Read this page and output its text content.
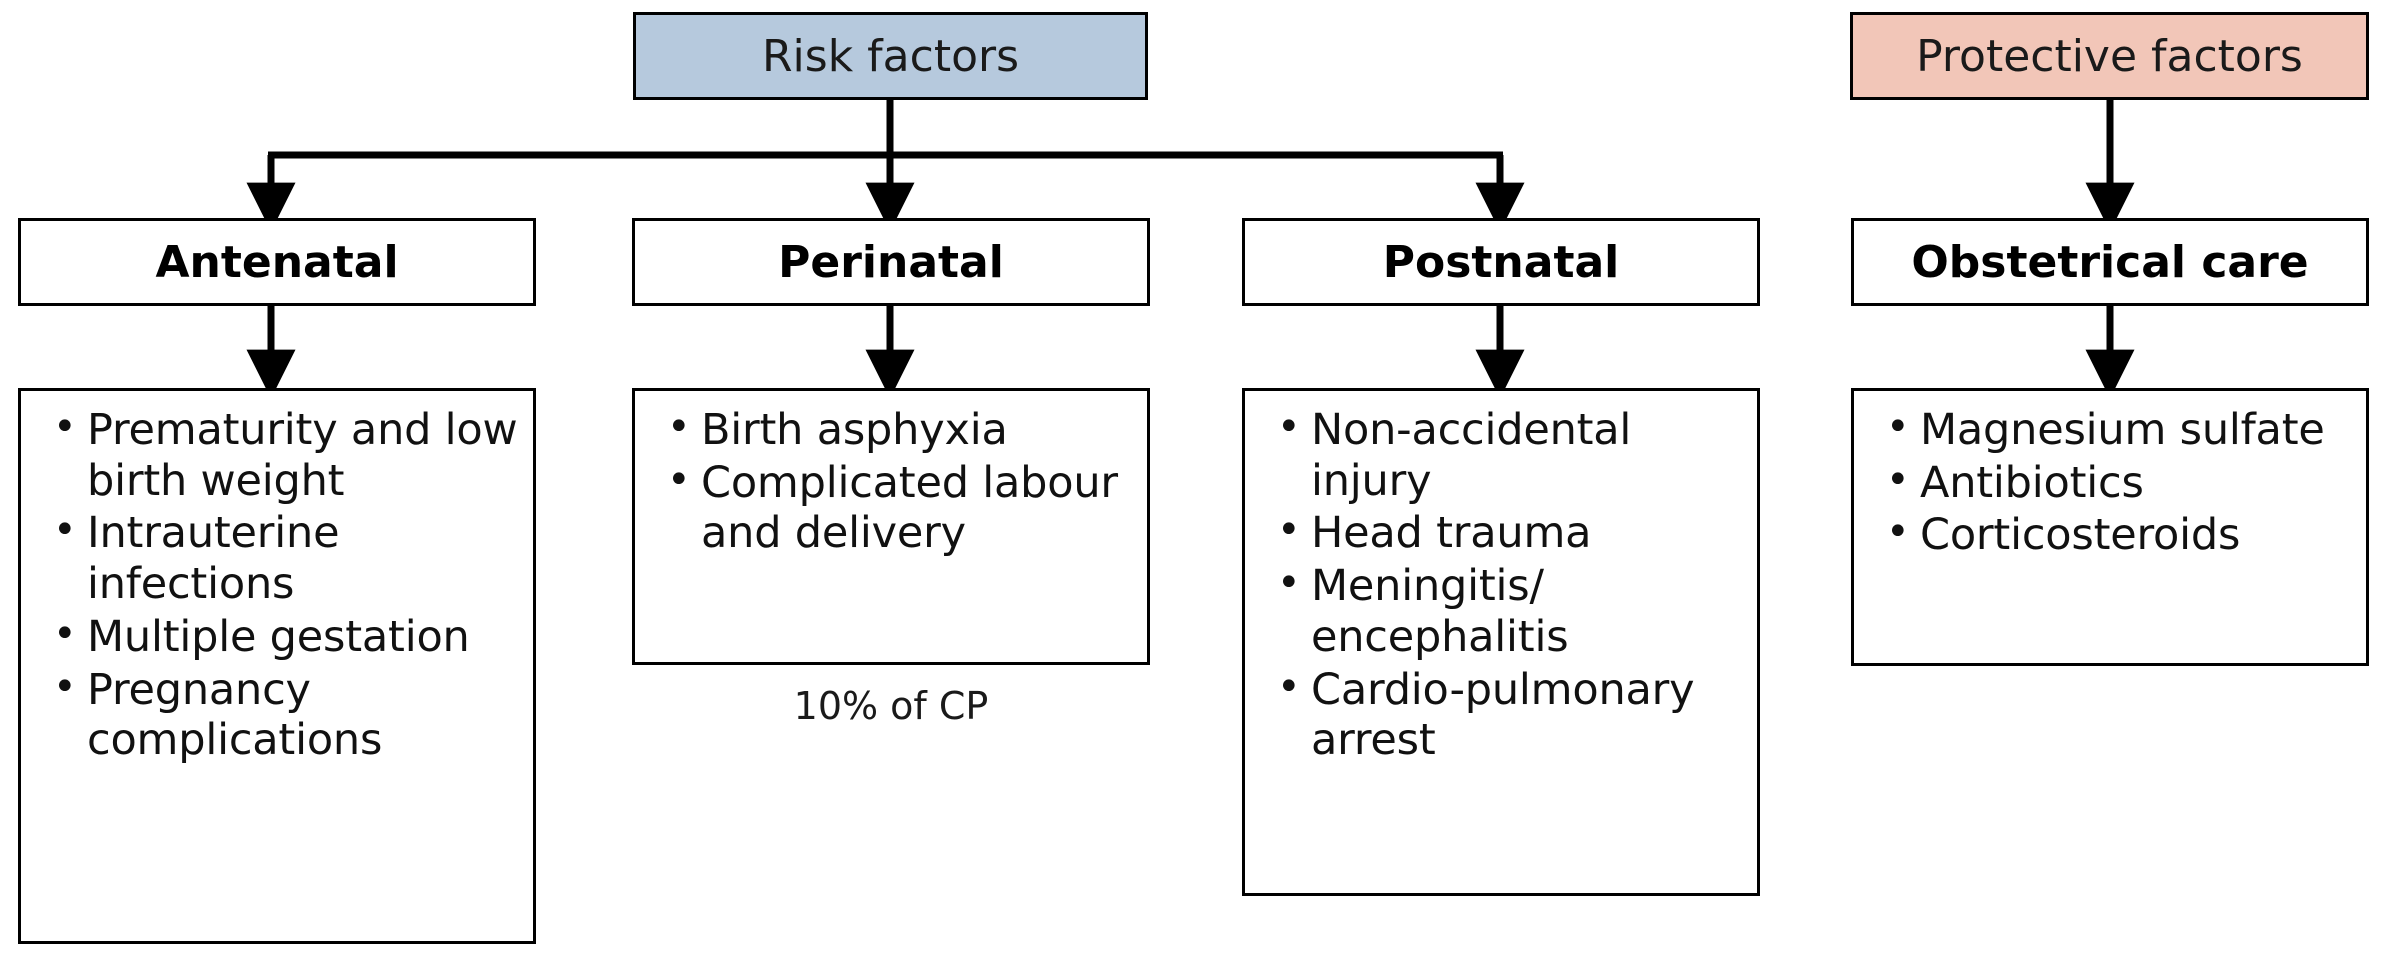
Risk factors	Protective factors
Antenatal	Perinatal	Postnatal	Obstetrical care
• Prematurity and low birth weight
• Intrauterine infections
• Multiple gestation
• Pregnancy complications
• Birth asphyxia
• Complicated labour and delivery
10% of CP
• Non-accidental injury
• Head trauma
• Meningitis/ encephalitis
• Cardio-pulmonary arrest
• Magnesium sulfate
• Antibiotics
• Corticosteroids
